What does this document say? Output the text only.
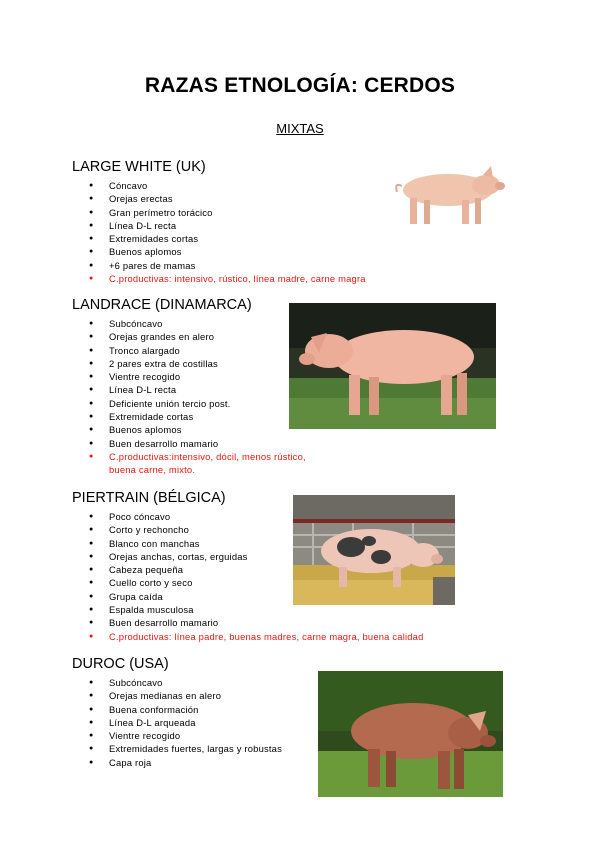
RAZAS ETNOLOGÍA: CERDOS
MIXTAS
LARGE WHITE (UK)
● Cóncavo
● Orejas erectas
● Gran perímetro torácico
● Línea D-L recta
● Extremidades cortas
● Buenos aplomos
● +6 pares de mamas
● C.productivas: intensivo, rústico, línea madre, carne magra
LANDRACE (DINAMARCA)
● Subcóncavo
● Orejas grandes en alero
● Tronco alargado
● 2 pares extra de costillas
● Vientre recogido
● Línea D-L recta
● Deficiente unión tercio post.
● Extremidade cortas
● Buenos aplomos
● Buen desarrollo mamario
● C.productivas:intensivo, dócil, menos rústico,
buena carne, mixto.
PIERTRAIN (BÉLGICA)
● Poco cóncavo
● Corto y rechoncho
● Blanco con manchas
● Orejas anchas, cortas, erguidas
● Cabeza pequeña
● Cuello corto y seco
● Grupa caída
● Espalda musculosa
● Buen desarrollo mamario
● C.productivas: línea padre, buenas madres, carne magra, buena calidad
DUROC (USA)
● Subcóncavo
● Orejas medianas en alero
● Buena conformación
● Línea D-L arqueada
● Vientre recogido
● Extremidades fuertes, largas y robustas
● Capa roja
